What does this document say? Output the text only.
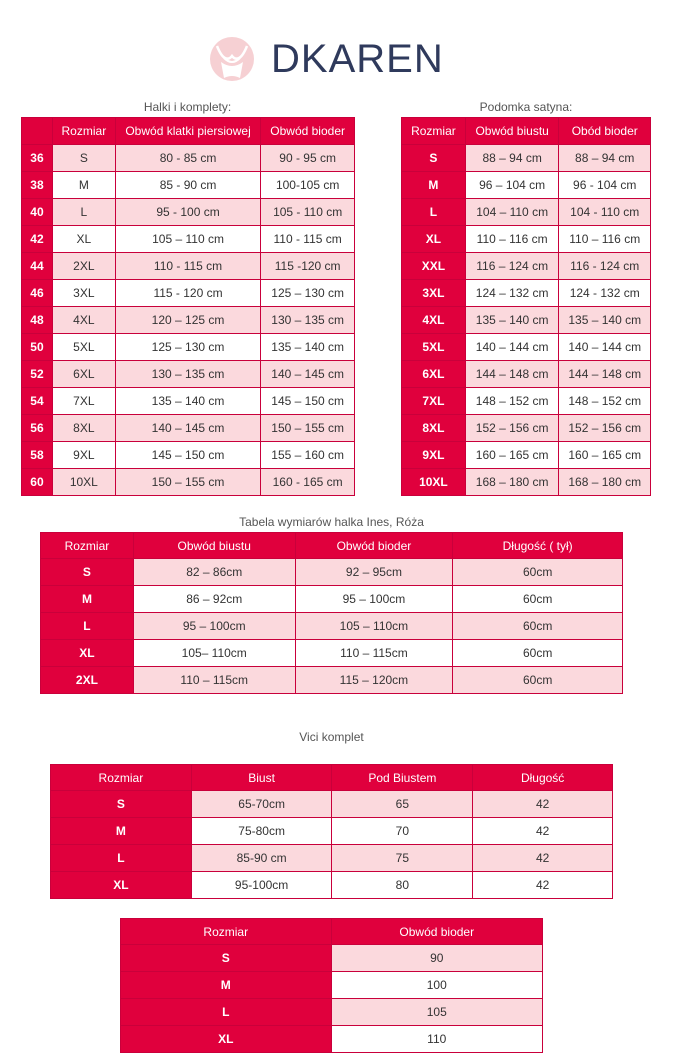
DKAREN
Halki i komplety:
	Rozmiar	Obwód klatki piersiowej	Obwód bioder
36	S	80 - 85 cm	90 - 95 cm
38	M	85 - 90 cm	100-105 cm
40	L	95 - 100 cm	105 - 110 cm
42	XL	105 – 110 cm	110 - 115 cm
44	2XL	110 - 115 cm	115 -120 cm
46	3XL	115 - 120 cm	125 – 130 cm
48	4XL	120 – 125 cm	130 – 135 cm
50	5XL	125 – 130 cm	135 – 140 cm
52	6XL	130 – 135 cm	140 – 145 cm
54	7XL	135 – 140 cm	145 – 150 cm
56	8XL	140 – 145 cm	150 – 155 cm
58	9XL	145 – 150 cm	155 – 160 cm
60	10XL	150 – 155 cm	160 - 165 cm
Podomka satyna:
Rozmiar	Obwód biustu	Obód bioder
S	88 – 94 cm	88 – 94 cm
M	96 – 104 cm	96 - 104 cm
L	104 – 110 cm	104 - 110 cm
XL	110 – 116 cm	110 – 116 cm
XXL	116 – 124 cm	116 - 124 cm
3XL	124 – 132 cm	124 - 132 cm
4XL	135 – 140 cm	135 – 140 cm
5XL	140 – 144 cm	140 – 144 cm
6XL	144 – 148 cm	144 – 148 cm
7XL	148 – 152 cm	148 – 152 cm
8XL	152 – 156 cm	152 – 156 cm
9XL	160 – 165 cm	160 – 165 cm
10XL	168 – 180 cm	168 – 180 cm
Tabela wymiarów halka Ines, Róża
Rozmiar	Obwód biustu	Obwód bioder	Długość ( tył)
S	82 – 86cm	92 – 95cm	60cm
M	86 – 92cm	95 – 100cm	60cm
L	95 – 100cm	105 – 110cm	60cm
XL	105– 110cm	110 – 115cm	60cm
2XL	110 – 115cm	115 – 120cm	60cm
Vici komplet
Rozmiar	Biust	Pod Biustem	Długość
S	65-70cm	65	42
M	75-80cm	70	42
L	85-90 cm	75	42
XL	95-100cm	80	42
Rozmiar	Obwód bioder
S	90
M	100
L	105
XL	110
